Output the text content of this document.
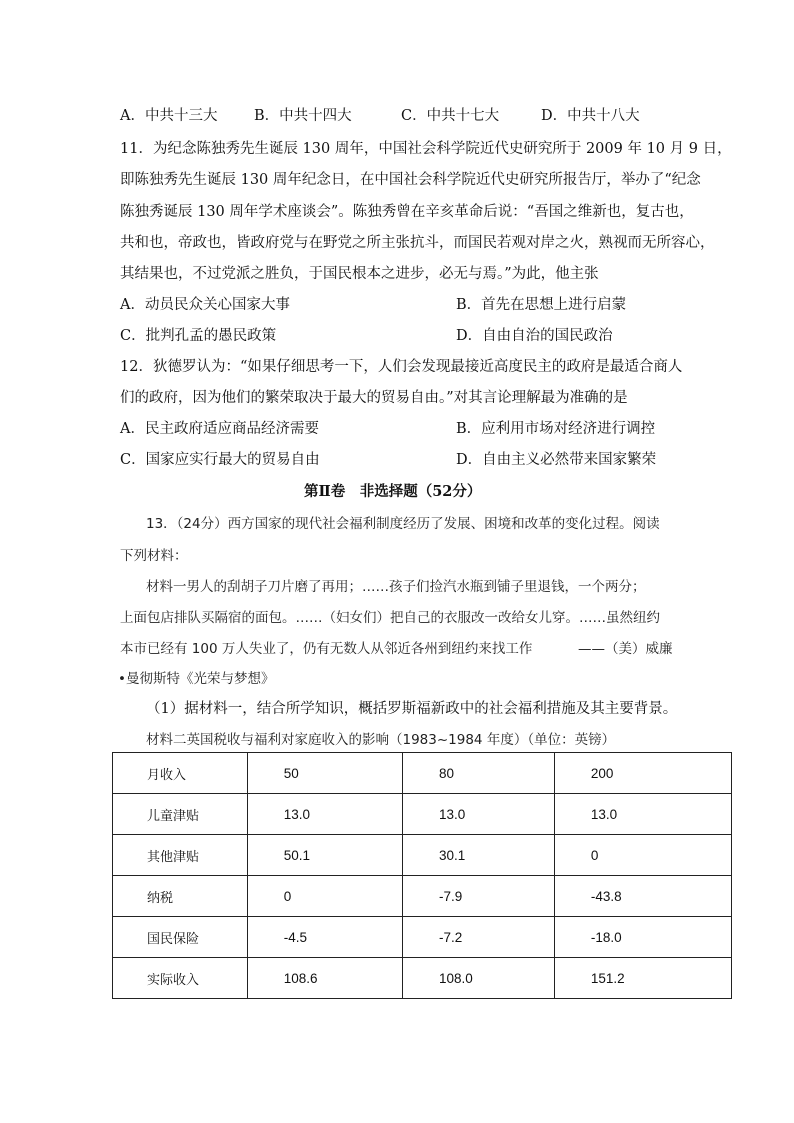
A．中共十三大	B．中共十四大	C．中共十七大	D．中共十八大
11．为纪念陈独秀先生诞辰 130 周年，中国社会科学院近代史研究所于 2009 年 10 月 9 日，
即陈独秀先生诞辰 130 周年纪念日，在中国社会科学院近代史研究所报告厅，举办了“纪念
陈独秀诞辰 130 周年学术座谈会”。陈独秀曾在辛亥革命后说：“吾国之维新也，复古也，
共和也，帝政也，皆政府党与在野党之所主张抗斗，而国民若观对岸之火，熟视而无所容心，
其结果也，不过党派之胜负，于国民根本之进步，必无与焉。”为此，他主张
A．动员民众关心国家大事	B．首先在思想上进行启蒙
C．批判孔孟的愚民政策	D．自由自治的国民政治
12．狄德罗认为：“如果仔细思考一下，人们会发现最接近高度民主的政府是最适合商人
们的政府，因为他们的繁荣取决于最大的贸易自由。”对其言论理解最为准确的是
A．民主政府适应商品经济需要	B．应利用市场对经济进行调控
C．国家应实行最大的贸易自由	D．自由主义必然带来国家繁荣
第Ⅱ卷　非选择题（52分）
13．（24分）西方国家的现代社会福利制度经历了发展、困境和改革的变化过程。阅读
下列材料：
材料一男人的刮胡子刀片磨了再用；……孩子们捡汽水瓶到铺子里退钱，一个两分；
上面包店排队买隔宿的面包。……（妇女们）把自己的衣服改一改给女儿穿。……虽然纽约
本市已经有 100 万人失业了，仍有无数人从邻近各州到纽约来找工作	——（美）威廉
•曼彻斯特《光荣与梦想》
（1）据材料一，结合所学知识，概括罗斯福新政中的社会福利措施及其主要背景。
材料二英国税收与福利对家庭收入的影响（1983~1984 年度）（单位：英镑）
月收入	50	80	200
儿童津贴	13.0	13.0	13.0
其他津贴	50.1	30.1	0
纳税	0	-7.9	-43.8
国民保险	-4.5	-7.2	-18.0
实际收入	108.6	108.0	151.2
